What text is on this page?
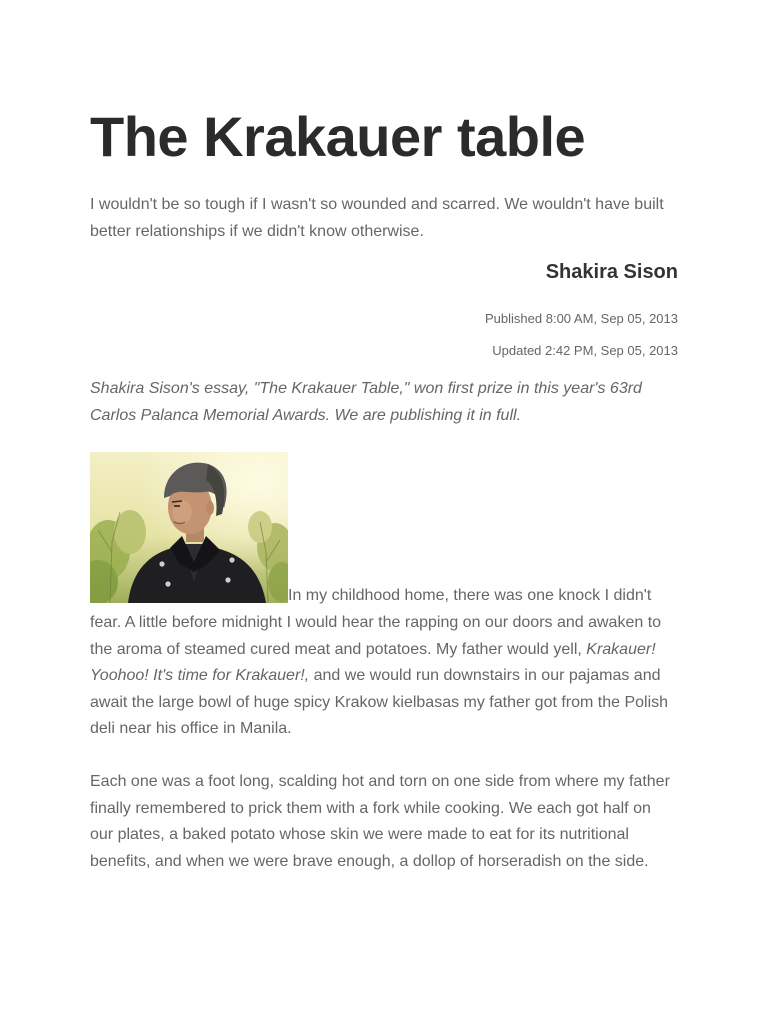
The Krakauer table

I wouldn't be so tough if I wasn't so wounded and scarred. We wouldn't have built better relationships if we didn't know otherwise.

Shakira Sison

Published 8:00 AM, Sep 05, 2013

Updated 2:42 PM, Sep 05, 2013

Shakira Sison's essay, "The Krakauer Table," won first prize in this year's 63rd Carlos Palanca Memorial Awards. We are publishing it in full.

In my childhood home, there was one knock I didn't

fear. A little before midnight I would hear the rapping on our doors and awaken to the aroma of steamed cured meat and potatoes. My father would yell, Krakauer! Yoohoo! It's time for Krakauer!, and we would run downstairs in our pajamas and await the large bowl of huge spicy Krakow kielbasas my father got from the Polish deli near his office in Manila.

Each one was a foot long, scalding hot and torn on one side from where my father finally remembered to prick them with a fork while cooking. We each got half on our plates, a baked potato whose skin we were made to eat for its nutritional benefits, and when we were brave enough, a dollop of horseradish on the side.
